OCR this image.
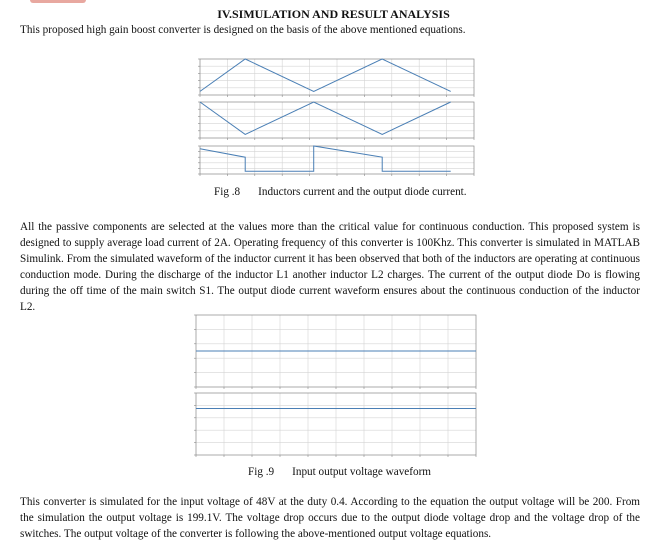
IV.SIMULATION AND RESULT ANALYSIS

This proposed high gain boost converter is designed on the basis of the above mentioned equations.

Fig .8 Inductors current and the output diode current.

All the passive components are selected at the values more than the critical value for continuous conduction. This proposed system is designed to supply average load current of 2A. Operating frequency of this converter is 100Khz. This converter is simulated in MATLAB Simulink. From the simulated waveform of the inductor current it has been observed that both of the inductors are operating at continuous conduction mode. During the discharge of the inductor L1 another inductor L2 charges. The current of the output diode Do is flowing during the off time of the main switch S1. The output diode current waveform ensures about the continuous conduction of the inductor L2.

Fig .9 Input output voltage waveform

This converter is simulated for the input voltage of 48V at the duty 0.4. According to the equation the output voltage will be 200. From the simulation the output voltage is 199.1V. The voltage drop occurs due to the output diode voltage drop and the voltage drop of the switches. The output voltage of the converter is following the above-mentioned output voltage equations.
